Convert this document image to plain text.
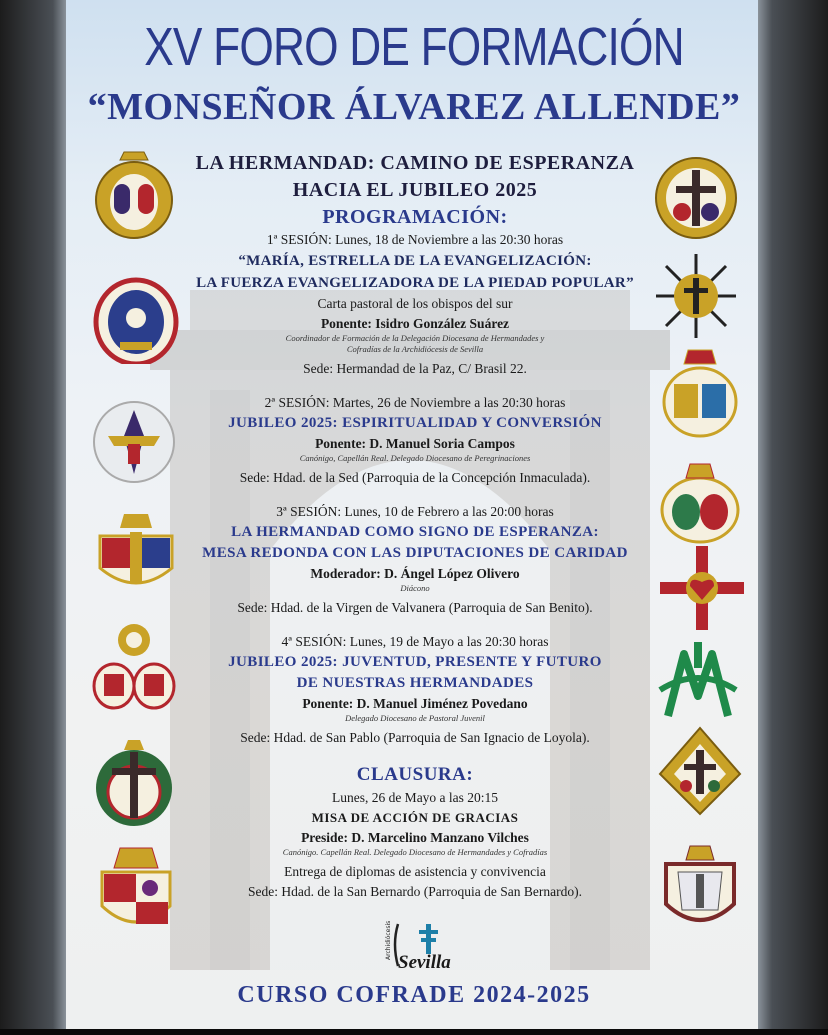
XV FORO DE FORMACIÓN
“MONSEÑOR ÁLVAREZ ALLENDE”
LA HERMANDAD: CAMINO DE ESPERANZA
HACIA EL JUBILEO 2025
PROGRAMACIÓN:
1ª SESIÓN: Lunes, 18 de Noviembre a las 20:30 horas
“MARÍA, ESTRELLA DE LA EVANGELIZACIÓN:
LA FUERZA EVANGELIZADORA DE LA PIEDAD POPULAR”
Carta pastoral de los obispos del sur
Ponente: Isidro González Suárez
Coordinador de Formación de la Delegación Diocesana de Hermandades y
Cofradías de la Archidiócesis de Sevilla
Sede: Hermandad de la Paz, C/ Brasil 22.
2ª SESIÓN: Martes, 26 de Noviembre a las 20:30 horas
JUBILEO 2025: ESPIRITUALIDAD Y CONVERSIÓN
Ponente: D. Manuel Soria Campos
Canónigo, Capellán Real. Delegado Diocesano de Peregrinaciones
Sede: Hdad. de la Sed (Parroquia de la Concepción Inmaculada).
3ª SESIÓN: Lunes, 10 de Febrero a las 20:00 horas
LA HERMANDAD COMO SIGNO DE ESPERANZA:
MESA REDONDA CON LAS DIPUTACIONES DE CARIDAD
Moderador: D. Ángel López Olivero
Diácono
Sede: Hdad. de la Virgen de Valvanera (Parroquia de San Benito).
4ª SESIÓN: Lunes, 19 de Mayo a las 20:30 horas
JUBILEO 2025: JUVENTUD, PRESENTE Y FUTURO
DE NUESTRAS HERMANDADES
Ponente: D. Manuel Jiménez Povedano
Delegado Diocesano de Pastoral Juvenil
Sede: Hdad. de San Pablo (Parroquia de San Ignacio de Loyola).
CLAUSURA:
Lunes, 26 de Mayo a las 20:15
MISA DE ACCIÓN DE GRACIAS
Preside: D. Marcelino Manzano Vilches
Canónigo. Capellán Real. Delegado Diocesano de Hermandades y Cofradías
Entrega de diplomas de asistencia y convivencia
Sede: Hdad. de la San Bernardo (Parroquia de San Bernardo).
Archidiócesis
Sevilla
CURSO COFRADE 2024-2025
